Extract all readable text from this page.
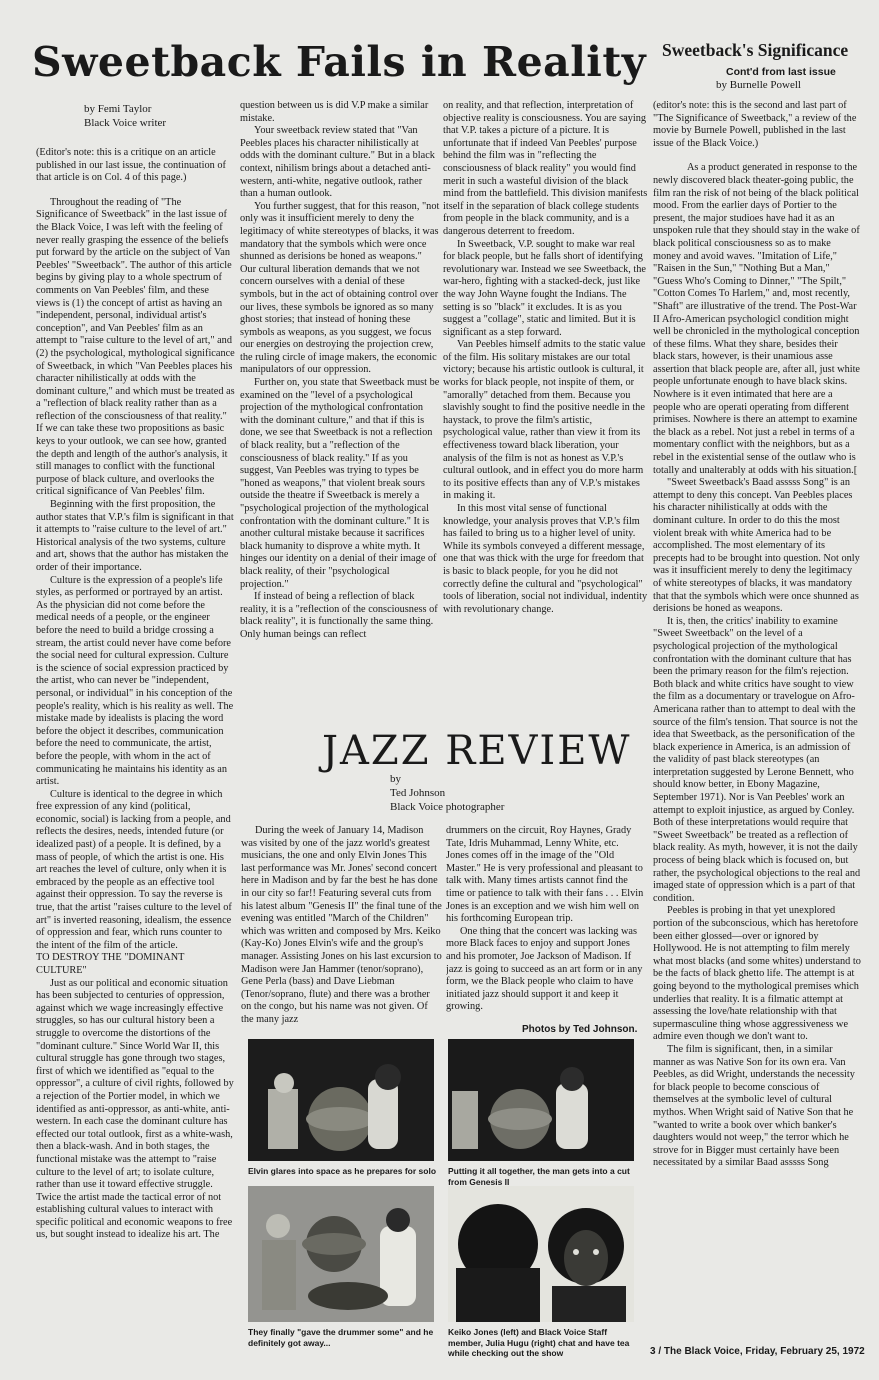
Sweetback Fails in Reality Sweetback's Significance
Cont'd from last issue
by Burnelle Powell
by Femi Taylor
Black Voice writer

(Editor's note: this is a critique on an article published in our last issue, the continuation of that article is on Col. 4 of this page.)

Throughout the reading of "The Significance of Sweetback" in the last issue of the Black Voice, I was left with the feeling of never really grasping the essence of the beliefs put forward by the article on the subject of Van Peebles' "Sweetback". The author of this article begins by giving play to a whole spectrum of comments on Van Peebles' film, and these views is (1) the concept of artist as having an "independent, personal, individual artist's conception", and Van Peebles' film as an attempt to "raise culture to the level of art," and (2) the psychological, mythological significance of Sweetback, in which "Van Peebles places his character nihilistically at odds with the dominant culture," and which must be treated as a "reflection of black reality rather than as a reflection of the consciousness of that reality." If we can take these two propositions as basic keys to your outlook, we can see how, granted the depth and length of the author's analysis, it still manages to conflict with the functional purpose of black culture, and overlooks the critical significance of Van Peebles' film.

Beginning with the first proposition, the author states that V.P.'s film is significant in that it attempts to "raise culture to the level of art." Historical analysis of the two systems, culture and art, shows that the author has mistaken the order of their importance.

Culture is the expression of a people's life styles, as performed or portrayed by an artist. As the physician did not come before the medical needs of a people, or the engineer before the need to build a bridge crossing a stream, the artist could never have come before the social need for cultural expression. Culture is the science of social expression practiced by the artist, who can never be "independent, personal, or individual" in his conception of the people's reality, which is his reality as well. The mistake made by idealists is placing the word before the object it describes, communication before the need to communicate, the artist, before the people, with whom in the act of communicating he maintains his identity as an artist.

Culture is identical to the degree in which free expression of any kind (political, economic, social) is lacking from a people, and reflects the desires, needs, intended future (or idealized past) of a people. It is defined, by a mass of people, of which the artist is one. His art reaches the level of culture, only when it is embraced by the people as an effective tool against their oppression. To say the reverse is true, that the artist "raises culture to the level of art" is inverted reasoning, idealism, the essence of oppression and fear, which runs counter to the intent of the film of the article.

TO DESTROY THE "DOMINANT CULTURE"

Just as our political and economic situation has been subjected to centuries of oppression, against which we wage increasingly effective struggles, so has our cultural history been a struggle to overcome the distortions of the "dominant culture." Since World War II, this cultural struggle has gone through two stages, first of which we identified as "equal to the oppressor", a culture of civil rights, followed by a rejection of the Portier model, in which we identified as anti-oppressor, as anti-white, anti-western. In each case the dominant culture has effected our total outlook, first as a white-wash, then a black-wash. And in both stages, the functional mistake was the attempt to "raise culture to the level of art; to isolate culture, rather than use it toward effective struggle. Twice the artist made the tactical error of not establishing cultural values to interact with specific political and economic weapons to free us, but sought instead to idealize his art. The

question between us is did V.P make a similar mistake.

Your sweetback review stated that "Van Peebles places his character nihilistically at odds with the dominant culture." But in a black context, nihilism brings about a detached anti-western, anti-white, negative outlook, rather than a human outlook.

You further suggest, that for this reason, "not only was it insufficient merely to deny the legitimacy of white stereotypes of blacks, it was mandatory that the symbols which were once shunned as derisions be honed as weapons." Our cultural liberation demands that we not concern ourselves with a denial of these symbols, but in the act of obtaining control over our lives, these symbols be ignored as so many ghost stories; that instead of honing these symbols as weapons, as you suggest, we focus our energies on destroying the projection crew, the ruling circle of image makers, the economic manipulators of our oppression.

Further on, you state that Sweetback must be examined on the "level of a psychological projection of the mythological confrontation with the dominant culture," and that if this is done, we see that Sweetback is not a reflection of black reality, but a "reflection of the consciousness of black reality." If as you suggest, Van Peebles was trying to types be "honed as weapons," that violent break sours outside the theatre if Sweetback is merely a "psychological projection of the mythological confrontation with the dominant culture." It is another cultural mistake because it sacrifices black humanity to disprove a white myth. It hinges our identity on a denial of their image of black reality, of their "psychological projection."

If instead of being a reflection of black reality, it is a "reflection of the consciousness of black reality", it is functionally the same thing. Only human beings can reflect

on reality, and that reflection, interpretation of objective reality is consciousness. You are saying that V.P. takes a picture of a picture. It is unfortunate that if indeed Van Peebles' purpose behind the film was in "reflecting the consciousness of black reality" you would find merit in such a wasteful division of the black mind from the battlefield. This division manifests itself in the separation of black college students from people in the black community, and is a dangerous deterrent to freedom.

In Sweetback, V.P. sought to make war real for black people, but he falls short of identifying revolutionary war. Instead we see Sweetback, the war-hero, fighting with a stacked-deck, just like the way John Wayne fought the Indians. The setting is so "black" it excludes. It is as you suggest a "collage", static and limited. But it is significant as a step forward.

Van Peebles himself admits to the static value of the film. His solitary mistakes are our total victory; because his artistic outlook is cultural, it works for black people, not inspite of them, or "amorally" detached from them. Because you slavishly sought to find the positive needle in the haystack, to prove the film's artistic, psychological value, rather than view it from its effectiveness toward black liberation, your analysis of the film is not as honest as V.P.'s cultural outlook, and in effect you do more harm to its positive effects than any of V.P.'s mistakes in making it.

In this most vital sense of functional knowledge, your analysis proves that V.P.'s film has failed to bring us to a higher level of unity. While its symbols conveyed a different message, one that was thick with the urge for freedom that is basic to black people, for you he did not correctly define the cultural and "psychological" tools of liberation, social not individual, indentity with revolutionary change.

(editor's note: this is the second and last part of "The Significance of Sweetback," a review of the movie by Burnele Powell, published in the last issue of the Black Voice.)

As a product generated in response to the newly discovered black theater-going public, the film ran the risk of not being of the black political mood. From the earlier days of Portier to the present, the major studioes have had it as an unspoken rule that they should stay in the wake of black political consciousness so as to make money and avoid waves. "Imitation of Life," "Raisen in the Sun," "Nothing But a Man," "Guess Who's Coming to Dinner," "The Spilt," "Cotton Comes To Harlem," and, most recently, "Shaft" are illustrative of the trend. The Post-War II Afro-American psychologicl condition might well be chronicled in the mythological conception of these films. What they share, besides their black stars, however, is their unamious asse assertion that black people are, after all, just white people unfortunate enough to have black skins. Nowhere is it even intimated that here are a people who are operati operating from different primises. Nowhere is there an attempt to examine the black as a rebel. Not just a rebel in terms of a momentary conflict with the neighbors, but as a rebel in the existential sense of the outlaw who is totally and unalterably at odds with his situation.[

"Sweet Sweetback's Baad asssss Song" is an attempt to deny this concept. Van Peebles places his character nihilistically at odds with the dominant culture. In order to do this the most violent break with white America had to be accomplished. The most elementary of its precepts had to be brought into question. Not only was it insufficient merely to deny the legitimacy of white stereotypes of blacks, it was mandatory that that the symbols which were once shunned as derisions be honed as weapons.

It is, then, the critics' inability to examine "Sweet Sweetback" on the level of a psychological projection of the mythological confrontation with the dominant culture that has been the primary reason for the film's rejection. Both black and white critics have sought to view the film as a documentary or travelogue on Afro-Americana rather than to attempt to deal with the source of the film's tension. That source is not the idea that Sweetback, as the personification of the black experience in America, is an admission of the validity of past black stereotypes (an interpretation suggested by Lerone Bennett, who should know better, in Ebony Magazine, September 1971). Nor is Van Peebles' work an attempt to exploit injustice, as argued by Conley. Both of these interpretations would require that "Sweet Sweetback" be treated as a reflection of black reality. As myth, however, it is not the daily process of being black which is focused on, but rather, the psychological objections to the real and imaged state of oppression which is a part of that condition.

Peebles is probing in that yet unexplored portion of the subconscious, which has heretofore been either glossed—over or ignored by Hollywood. He is not attempting to film merely what most blacks (and some whites) understand to be the facts of black ghetto life. The attempt is at going beyond to the mythological premises which underlies that reality. It is a filmatic attempt at assessing the love/hate relationship with that supermasculine thing whose aggressiveness we admire even though we don't want to.

The film is significant, then, in a similar manner as was Native Son for its own era. Van Peebles, as did Wright, understands the necessity for black people to become conscious of themselves at the symbolic level of cultural mythos. When Wright said of Native Son that he "wanted to write a book over which banker's daughters would not weep," the terror which he strove for in Bigger must certainly have been necessitated by a similar Baad asssss Song

JAZZ REVIEW
by
Ted Johnson
Black Voice photographer

During the week of January 14, Madison was visited by one of the jazz world's greatest musicians, the one and only Elvin Jones This last performance was Mr. Jones' second concert here in Madison and by far the best he has done in our city so far!! Featuring several cuts from his latest album "Genesis II" the final tune of the evening was entitled "March of the Children" which was written and composed by Mrs. Keiko (Kay-Ko) Jones Elvin's wife and the group's manager. Assisting Jones on his last excursion to Madison were Jan Hammer (tenor/soprano), Gene Perla (bass) and Dave Liebman (Tenor/soprano, flute) and there was a brother on the congo, but his name was not given. Of the many jazz

drummers on the circuit, Roy Haynes, Grady Tate, Idris Muhammad, Lenny White, etc. Jones comes off in the image of the "Old Master." He is very professional and pleasant to talk with. Many times artists cannot find the time or patience to talk with their fans . . . Elvin Jones is an exception and we wish him well on his forthcoming European trip.

One thing that the concert was lacking was more Black faces to enjoy and support Jones and his promoter, Joe Jackson of Madison. If jazz is going to succeed as an art form or in any form, we the Black people who claim to have initiated jazz should support it and keep it growing.

Photos by Ted Johnson.
Elvin glares into space as he prepares for solo Putting it all together, the man gets into a cut from Genesis II
They finally "gave the drummer some" and he definitely got away...
Keiko Jones (left) and Black Voice Staff member, Julia Hugu (right) chat and have tea while checking out the show	3 / The Black Voice, Friday, February 25, 1972
